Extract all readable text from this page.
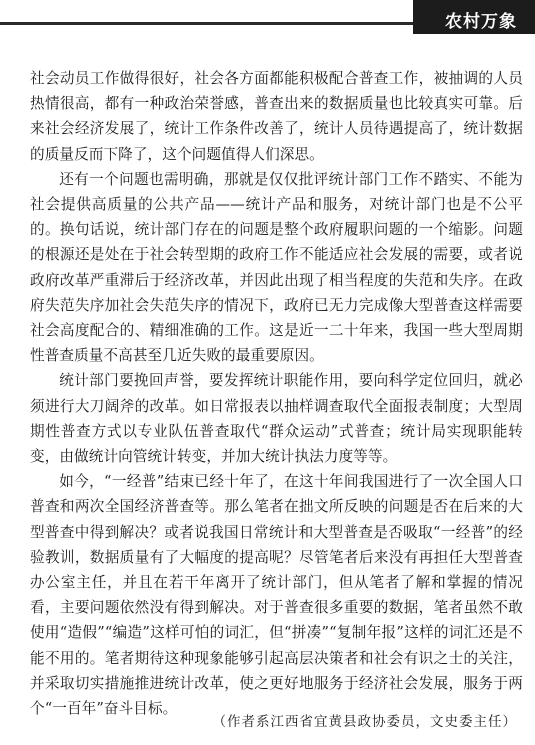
农村万象

社会动员工作做得很好，社会各方面都能积极配合普查工作，被抽调的人员热情很高，都有一种政治荣誉感，普查出来的数据质量也比较真实可靠。后来社会经济发展了，统计工作条件改善了，统计人员待遇提高了，统计数据的质量反而下降了，这个问题值得人们深思。

还有一个问题也需明确，那就是仅仅批评统计部门工作不踏实、不能为社会提供高质量的公共产品——统计产品和服务，对统计部门也是不公平的。换句话说，统计部门存在的问题是整个政府履职问题的一个缩影。问题的根源还是处在于社会转型期的政府工作不能适应社会发展的需要，或者说政府改革严重滞后于经济改革，并因此出现了相当程度的失范和失序。在政府失范失序加社会失范失序的情况下，政府已无力完成像大型普查这样需要社会高度配合的、精细准确的工作。这是近一二十年来，我国一些大型周期性普查质量不高甚至几近失败的最重要原因。

统计部门要挽回声誉，要发挥统计职能作用，要向科学定位回归，就必须进行大刀阔斧的改革。如日常报表以抽样调查取代全面报表制度；大型周期性普查方式以专业队伍普查取代“群众运动”式普查；统计局实现职能转变，由做统计向管统计转变，并加大统计执法力度等等。

如今，“一经普”结束已经十年了，在这十年间我国进行了一次全国人口普查和两次全国经济普查等。那么笔者在拙文所反映的问题是否在后来的大型普查中得到解决？或者说我国日常统计和大型普查是否吸取“一经普”的经验教训，数据质量有了大幅度的提高呢？尽管笔者后来没有再担任大型普查办公室主任，并且在若干年离开了统计部门，但从笔者了解和掌握的情况看，主要问题依然没有得到解决。对于普查很多重要的数据，笔者虽然不敢使用“造假”“编造”这样可怕的词汇，但“拼凑”“复制年报”这样的词汇还是不能不用的。笔者期待这种现象能够引起高层决策者和社会有识之士的关注，并采取切实措施推进统计改革，使之更好地服务于经济社会发展，服务于两个“一百年”奋斗目标。

（作者系江西省宜黄县政协委员，文史委主任）
